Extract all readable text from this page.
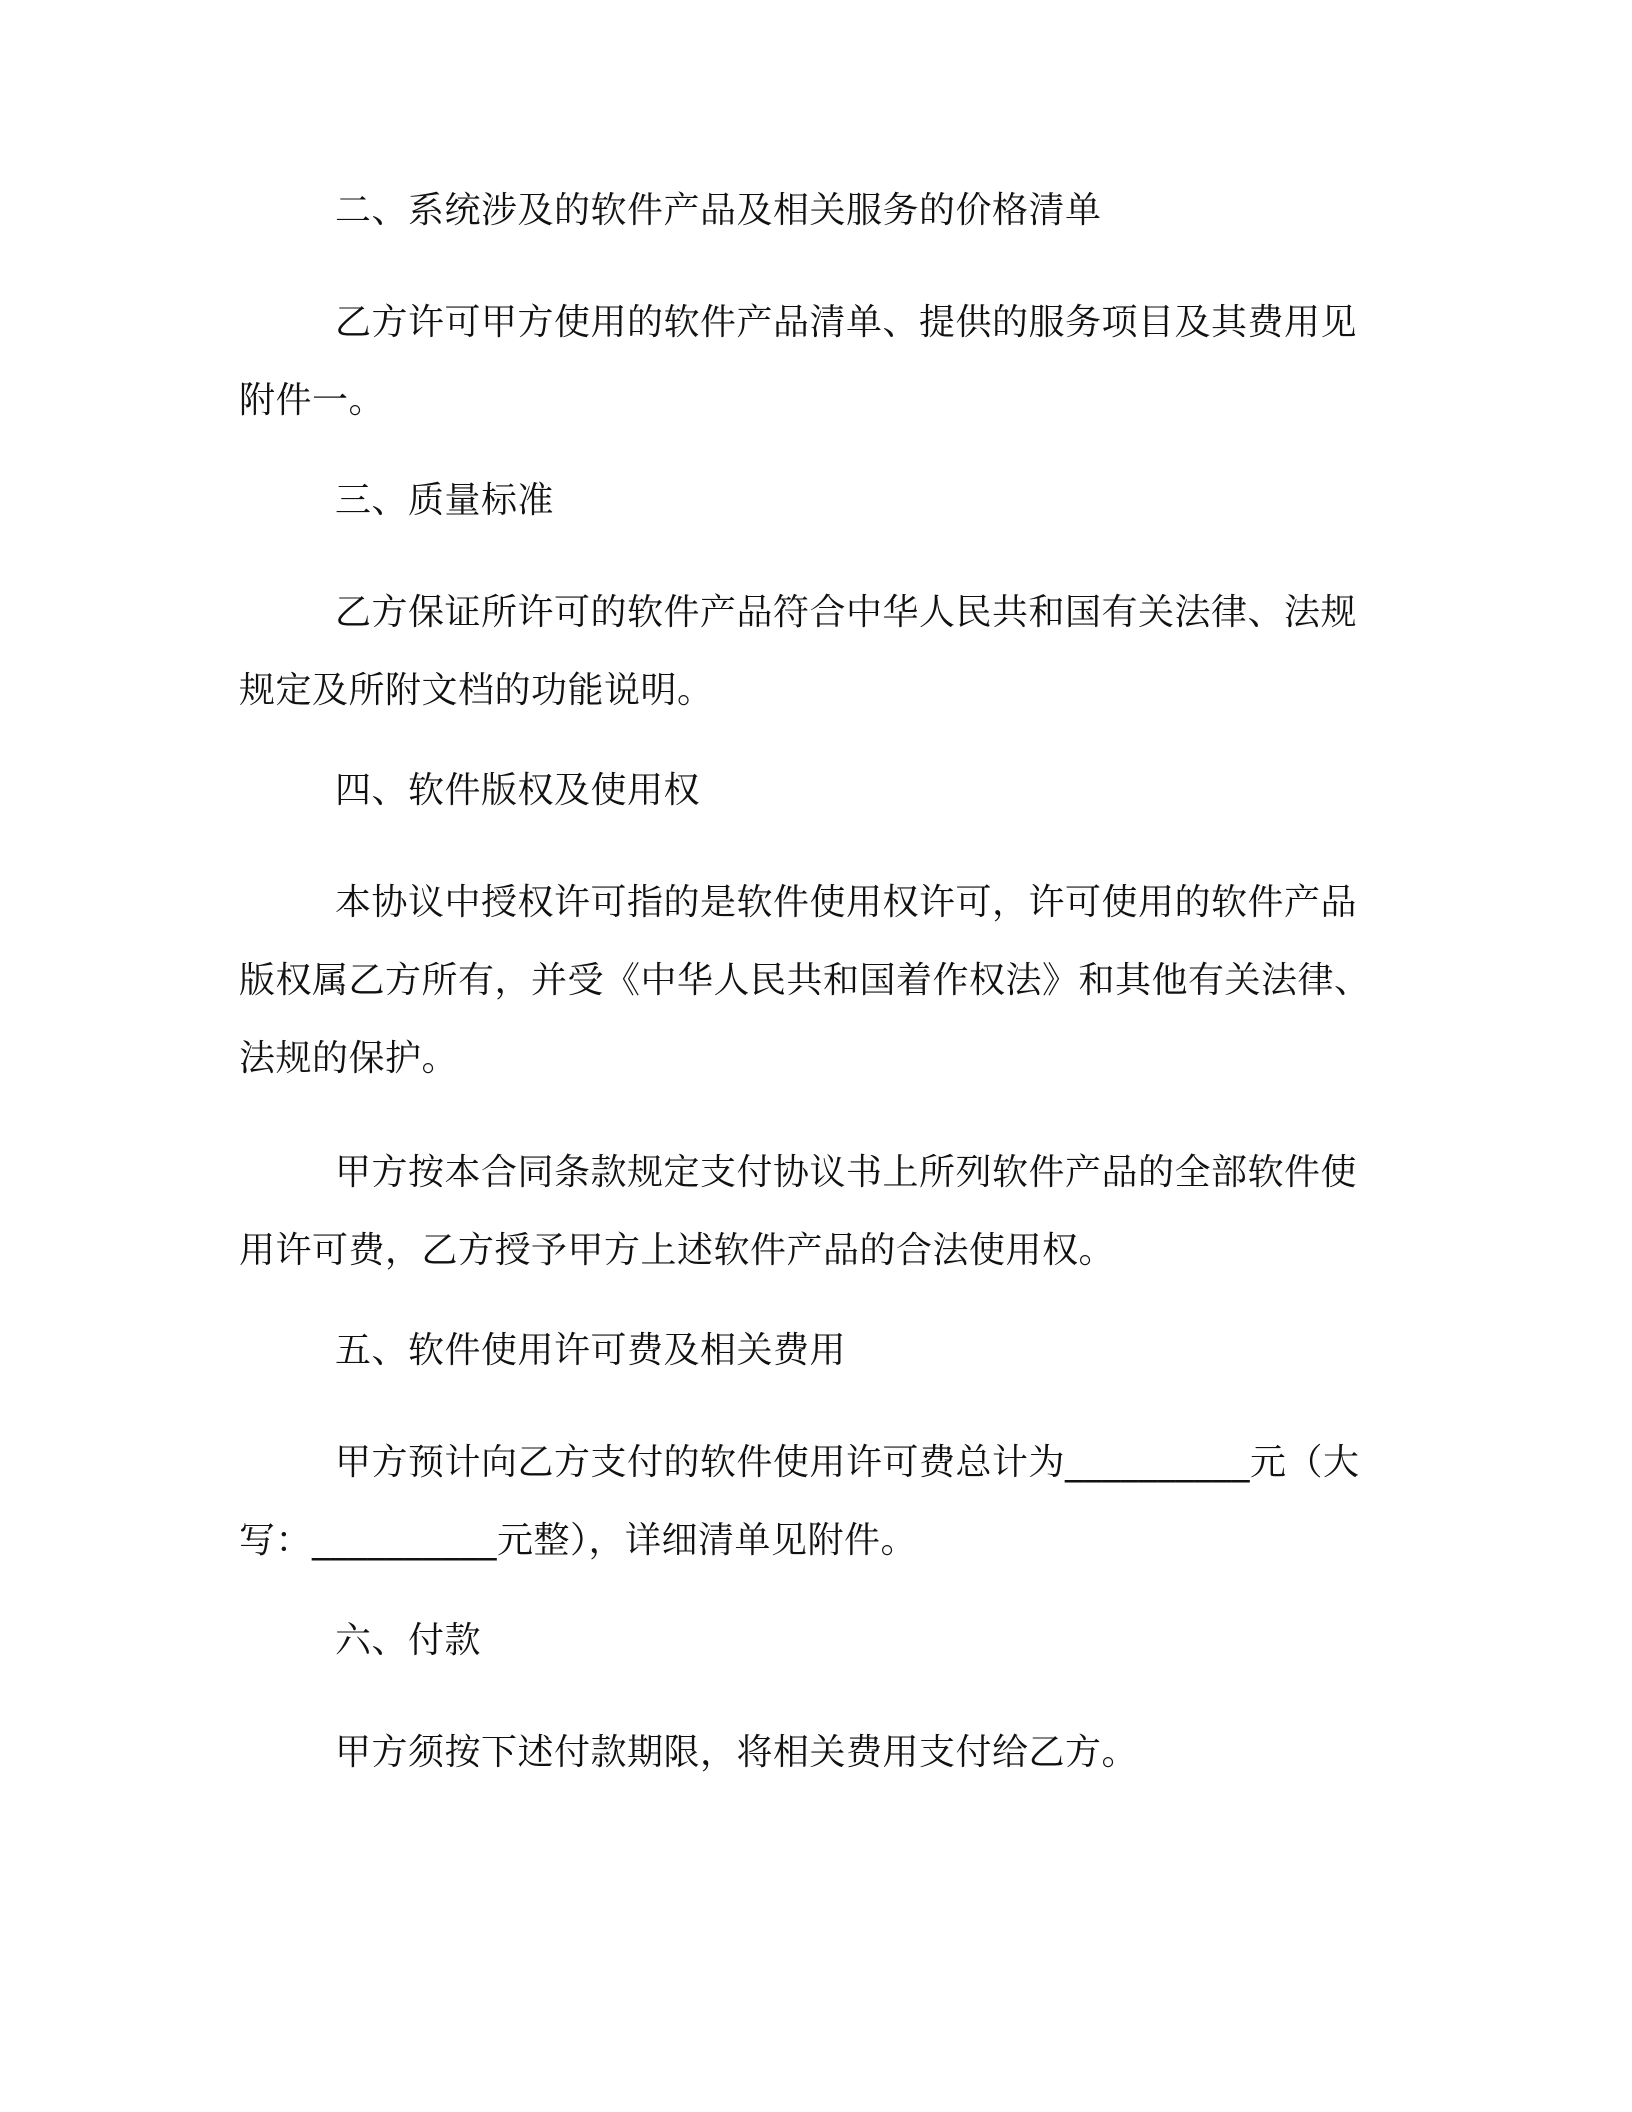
二、系统涉及的软件产品及相关服务的价格清单

乙方许可甲方使用的软件产品清单、提供的服务项目及其费用见
附件一。

三、质量标准

乙方保证所许可的软件产品符合中华人民共和国有关法律、法规
规定及所附文档的功能说明。

四、软件版权及使用权

本协议中授权许可指的是软件使用权许可，许可使用的软件产品
版权属乙方所有，并受《中华人民共和国着作权法》和其他有关法律、
法规的保护。

甲方按本合同条款规定支付协议书上所列软件产品的全部软件使
用许可费，乙方授予甲方上述软件产品的合法使用权。

五、软件使用许可费及相关费用

甲方预计向乙方支付的软件使用许可费总计为__________元（大
写：__________元整），详细清单见附件。

六、付款

甲方须按下述付款期限，将相关费用支付给乙方。
